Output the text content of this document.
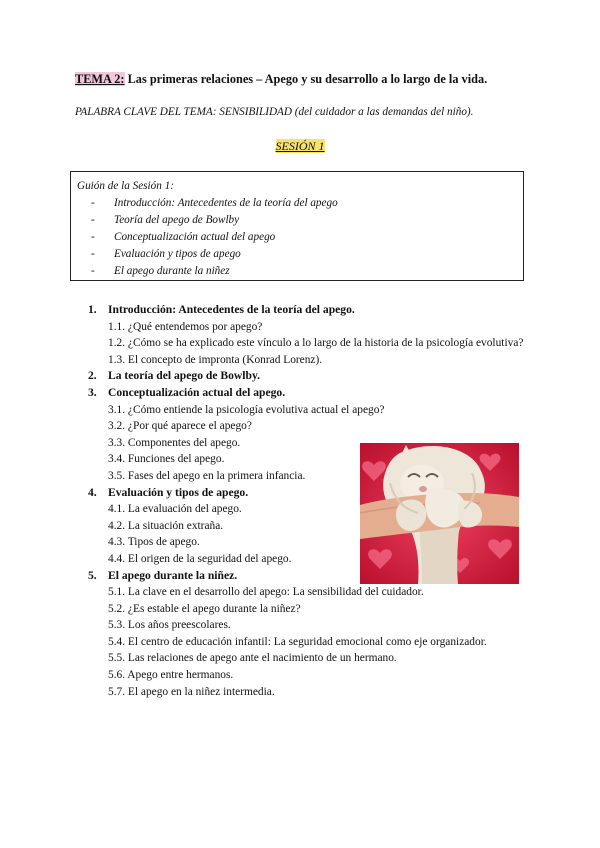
TEMA 2: Las primeras relaciones – Apego y su desarrollo a lo largo de la vida.
PALABRA CLAVE DEL TEMA: SENSIBILIDAD (del cuidador a las demandas del niño).
SESIÓN 1
Guión de la Sesión 1:
- Introducción: Antecedentes de la teoría del apego
- Teoría del apego de Bowlby
- Conceptualización actual del apego
- Evaluación y tipos de apego
- El apego durante la niñez
1. Introducción: Antecedentes de la teoría del apego.
1.1. ¿Qué entendemos por apego?
1.2. ¿Cómo se ha explicado este vínculo a lo largo de la historia de la psicología evolutiva?
1.3. El concepto de impronta (Konrad Lorenz).
2. La teoría del apego de Bowlby.
3. Conceptualización actual del apego.
3.1. ¿Cómo entiende la psicología evolutiva actual el apego?
3.2. ¿Por qué aparece el apego?
3.3. Componentes del apego.
3.4. Funciones del apego.
3.5. Fases del apego en la primera infancia.
4. Evaluación y tipos de apego.
4.1. La evaluación del apego.
4.2. La situación extraña.
4.3. Tipos de apego.
4.4. El origen de la seguridad del apego.
5. El apego durante la niñez.
5.1. La clave en el desarrollo del apego: La sensibilidad del cuidador.
5.2. ¿Es estable el apego durante la niñez?
5.3. Los años preescolares.
5.4. El centro de educación infantil: La seguridad emocional como eje organizador.
5.5. Las relaciones de apego ante el nacimiento de un hermano.
5.6. Apego entre hermanos.
5.7. El apego en la niñez intermedia.
